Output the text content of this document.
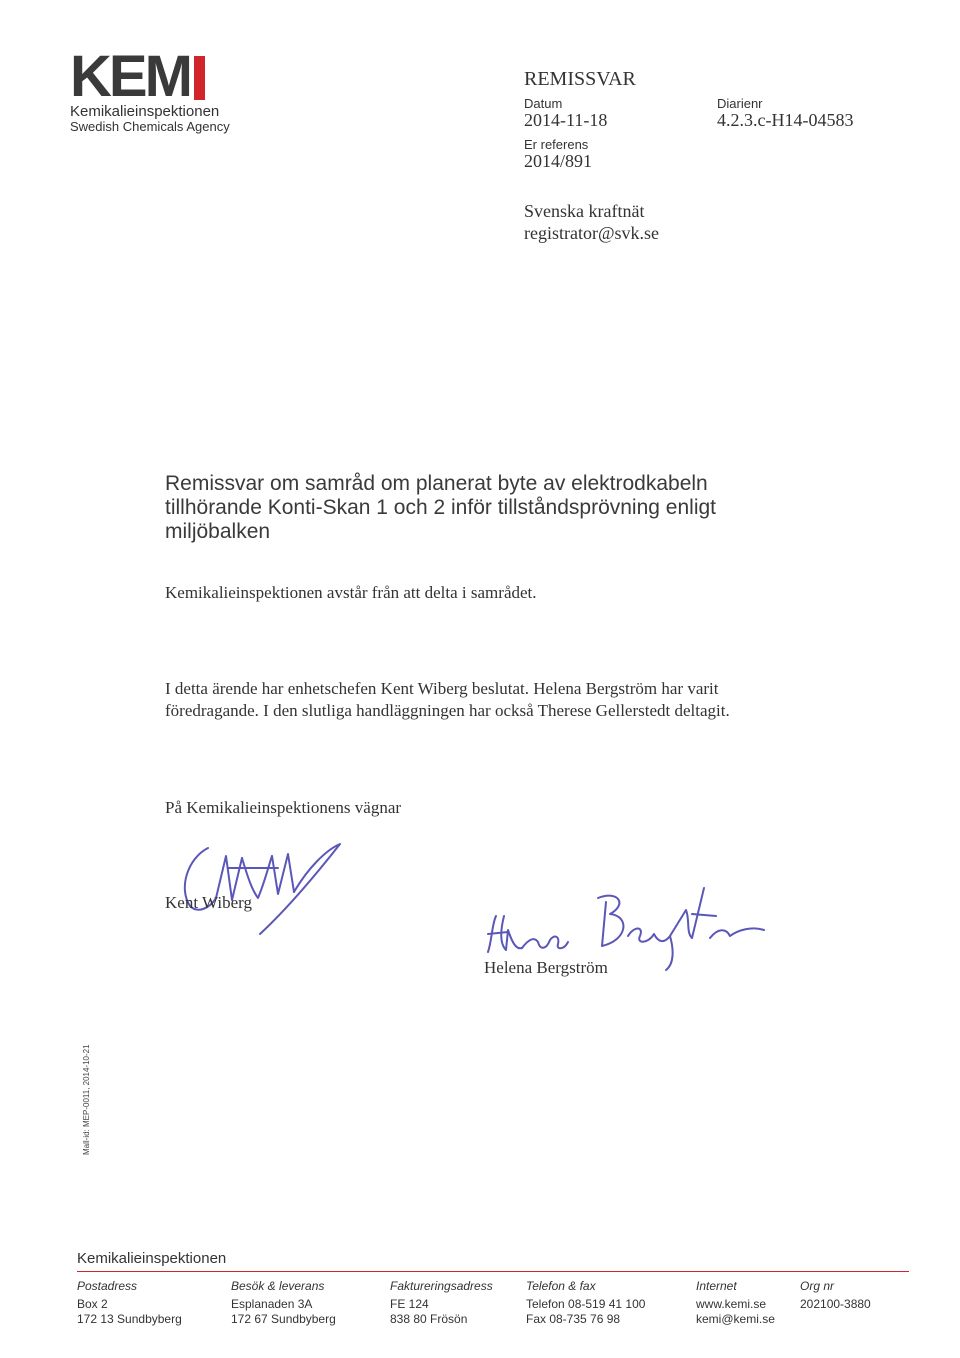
KEM
Kemikalieinspektionen
Swedish Chemicals Agency
REMISSVAR
Datum
2014-11-18
Diarienr
4.2.3.c-H14-04583
Er referens
2014/891
Svenska kraftnät
registrator@svk.se
Remissvar om samråd om planerat byte av elektrodkabeln
tillhörande Konti-Skan 1 och 2 inför tillståndsprövning enligt
miljöbalken
Kemikalieinspektionen avstår från att delta i samrådet.
I detta ärende har enhetschefen Kent Wiberg beslutat. Helena Bergström har varit
föredragande. I den slutliga handläggningen har också Therese Gellerstedt deltagit.
På Kemikalieinspektionens vägnar
Kent Wiberg
Helena Bergström
Mall-id: MEP-0011, 2014-10-21
Kemikalieinspektionen
Postadress
Box 2
172 13 Sundbyberg
Besök & leverans
Esplanaden 3A
172 67 Sundbyberg
Faktureringsadress
FE 124
838 80 Frösön
Telefon & fax
Telefon 08-519 41 100
Fax 08-735 76 98
Internet
www.kemi.se
kemi@kemi.se
Org nr
202100-3880
